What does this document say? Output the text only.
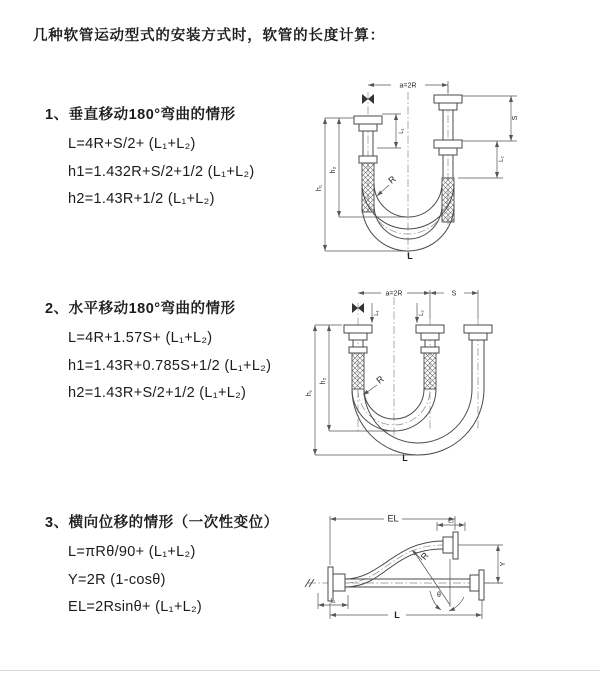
几种软管运动型式的安装方式时，软管的长度计算：
1、垂直移动180°弯曲的情形

L=4R+S/2+ (L₁+L₂)

h1=1.432R+S/2+1/2 (L₁+L₂)

h2=1.43R+1/2 (L₁+L₂)

2、水平移动180°弯曲的情形

L=4R+1.57S+ (L₁+L₂)

h1=1.43R+0.785S+1/2 (L₁+L₂)

h2=1.43R+S/2+1/2 (L₁+L₂)

3、横向位移的情形（一次性变位）

L=πRθ/90+ (L₁+L₂)

Y=2R (1-cosθ)

EL=2Rsinθ+ (L₁+L₂)

a=2R
h₁
h₂
L₁
S
L₂
R
L
a=2R	S
h₁
h₂
L₁	L₂
R
L
EL	L₂
Y
L
L₁
R
θ
